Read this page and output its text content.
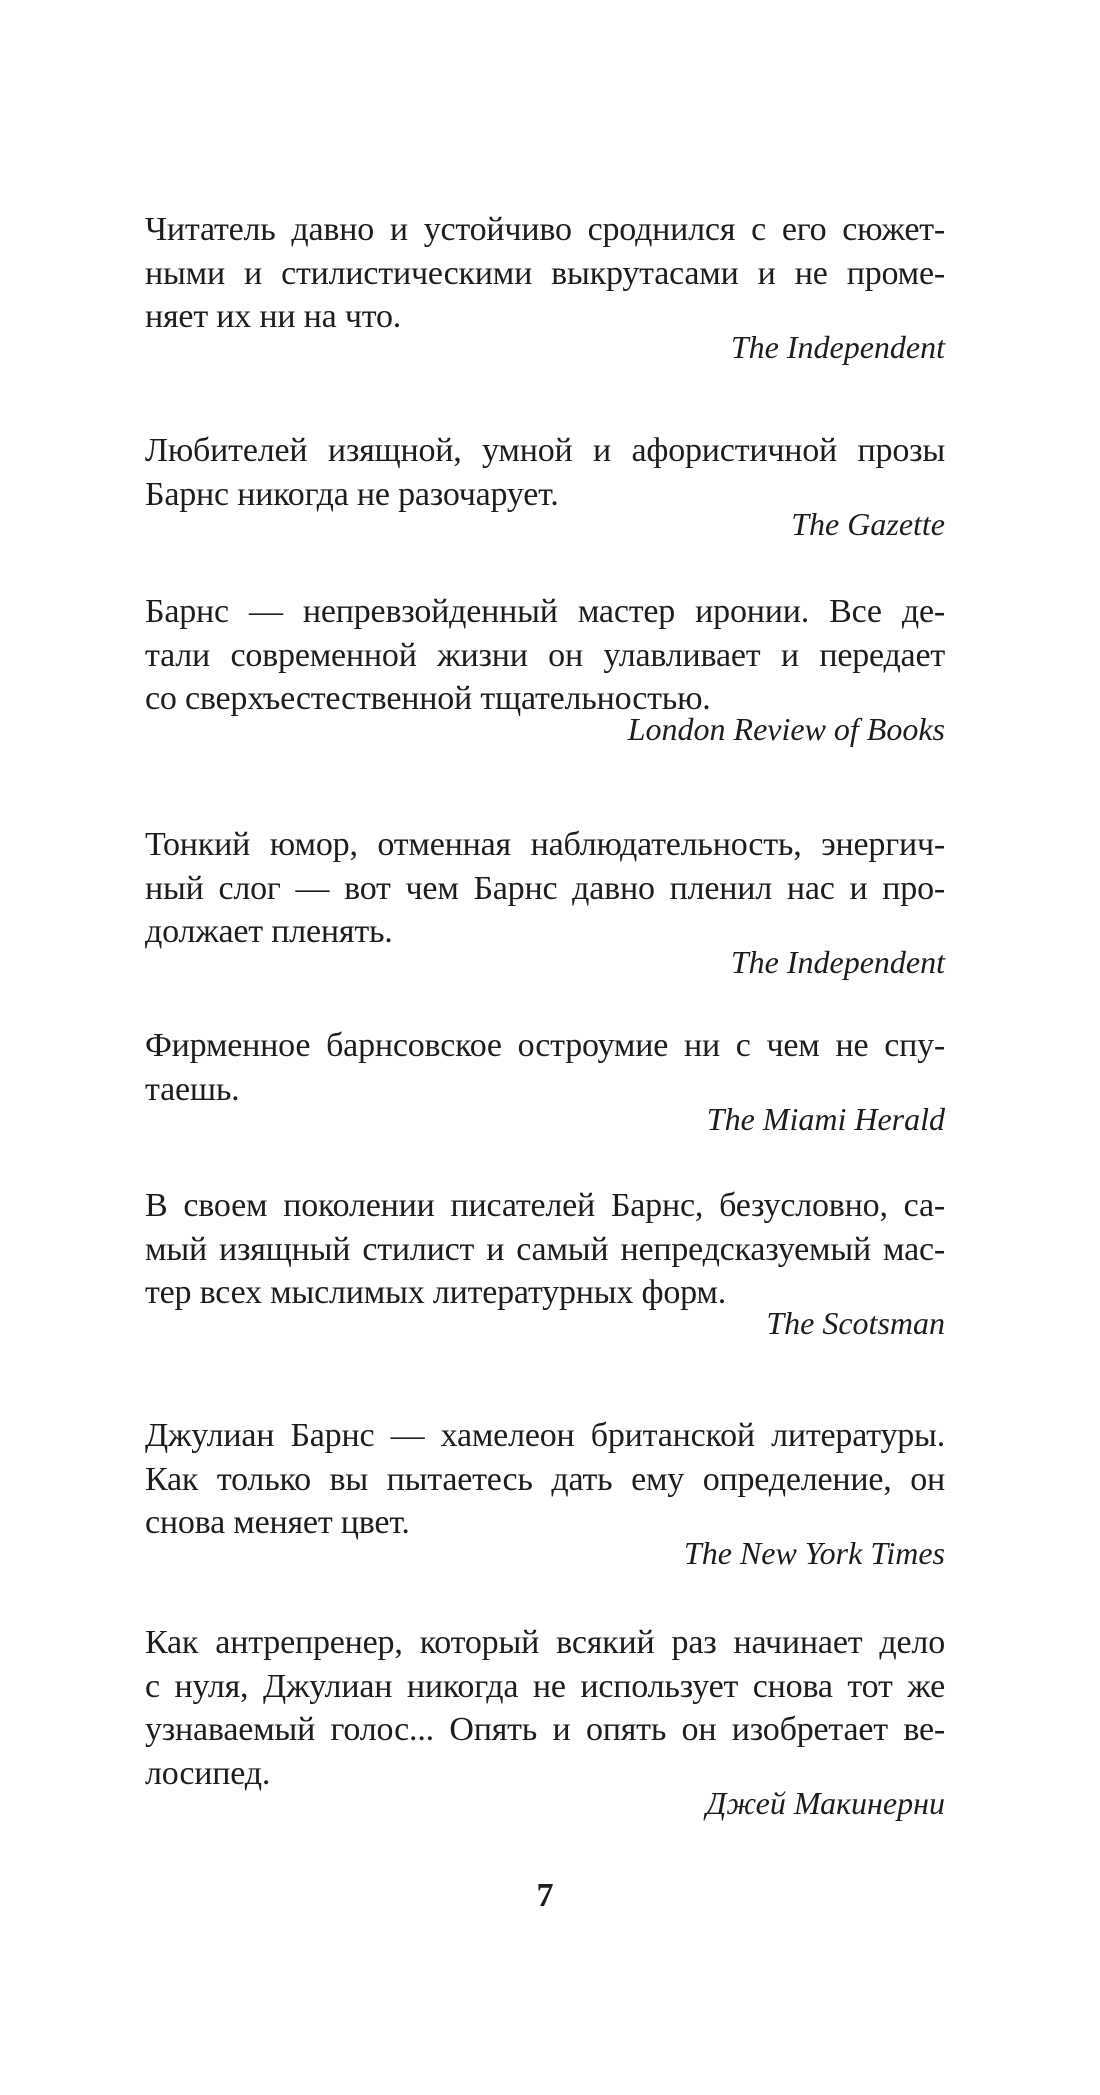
Читатель давно и устойчиво сроднился с его сюжет-
ными и стилистическими выкрутасами и не проме-
няет их ни на что.

The Independent

Любителей изящной, умной и афористичной прозы
Барнс никогда не разочарует.

The Gazette

Барнс — непревзойденный мастер иронии. Все де-
тали современной жизни он улавливает и передает
со сверхъестественной тщательностью.

London Review of Books

Тонкий юмор, отменная наблюдательность, энергич-
ный слог — вот чем Барнс давно пленил нас и про-
должает пленять.

The Independent

Фирменное барнсовское остроумие ни с чем не спу-
таешь.

The Miami Herald

В своем поколении писателей Барнс, безусловно, са-
мый изящный стилист и самый непредсказуемый мас-
тер всех мыслимых литературных форм.

The Scotsman

Джулиан Барнс — хамелеон британской литературы.
Как только вы пытаетесь дать ему определение, он
снова меняет цвет.

The New York Times

Как антрепренер, который всякий раз начинает дело
с нуля, Джулиан никогда не использует снова тот же
узнаваемый голос... Опять и опять он изобретает ве-
лосипед.

Джей Макинерни

7
